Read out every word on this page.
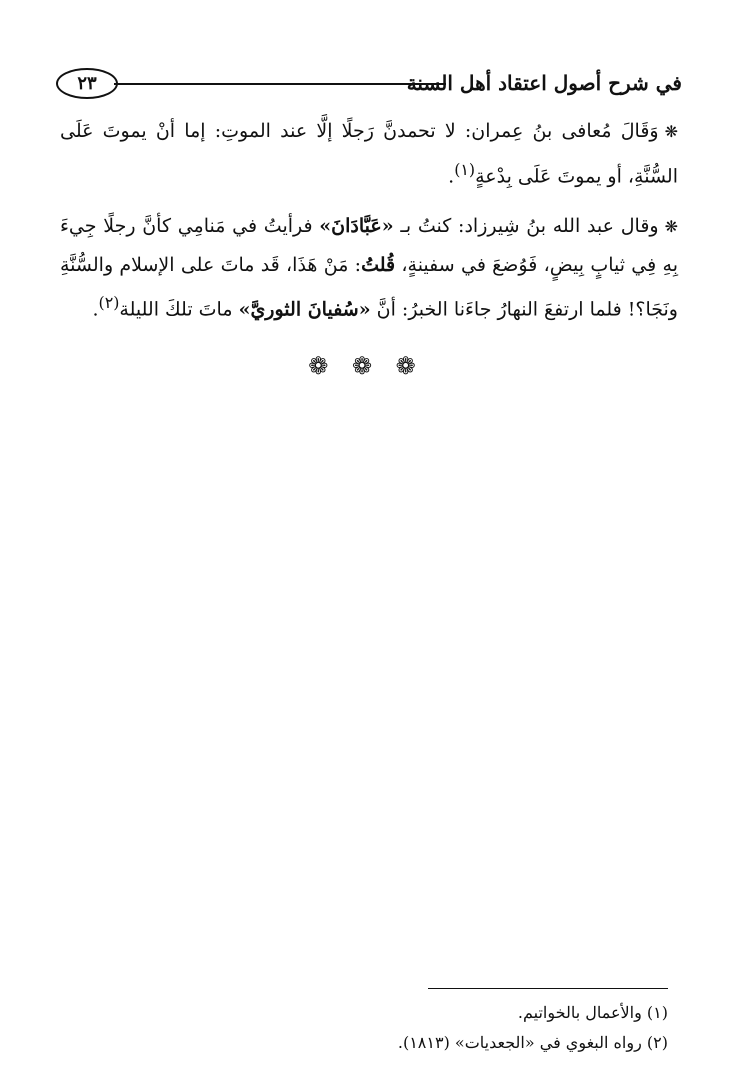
٢٣	في شرح أصول اعتقاد أهل السنة

❋وَقَالَ مُعافى بنُ عِمران: لا تحمدنَّ رَجلًا إلَّا عند الموتِ: إما أنْ يموتَ عَلَى السُّنَّةِ، أو يموتَ عَلَى بِدْعةٍ$^{(١)}$.

❋وقال عبد الله بنُ شِيرزاد: كنتُ بـ «عَبَّادَانَ» فرأيتُ في مَنامِي كأنَّ رجلًا جِيءَ بِهِ فِي ثيابٍ بِيضٍ، فَوُضعَ في سفينةٍ، قُلتُ: مَنْ هَذَا، قَد ماتَ على الإسلام والسُّنَّةِ ونَجَا؟! فلما ارتفعَ النهارُ جاءَنا الخبرُ: أنَّ «سُفيانَ الثوريَّ» ماتَ تلكَ الليلة$^{(٢)}$.

❁ ❁ ❁

(١) والأعمال بالخواتيم.

(٢) رواه البغوي في «الجعديات» (١٨١٣).
